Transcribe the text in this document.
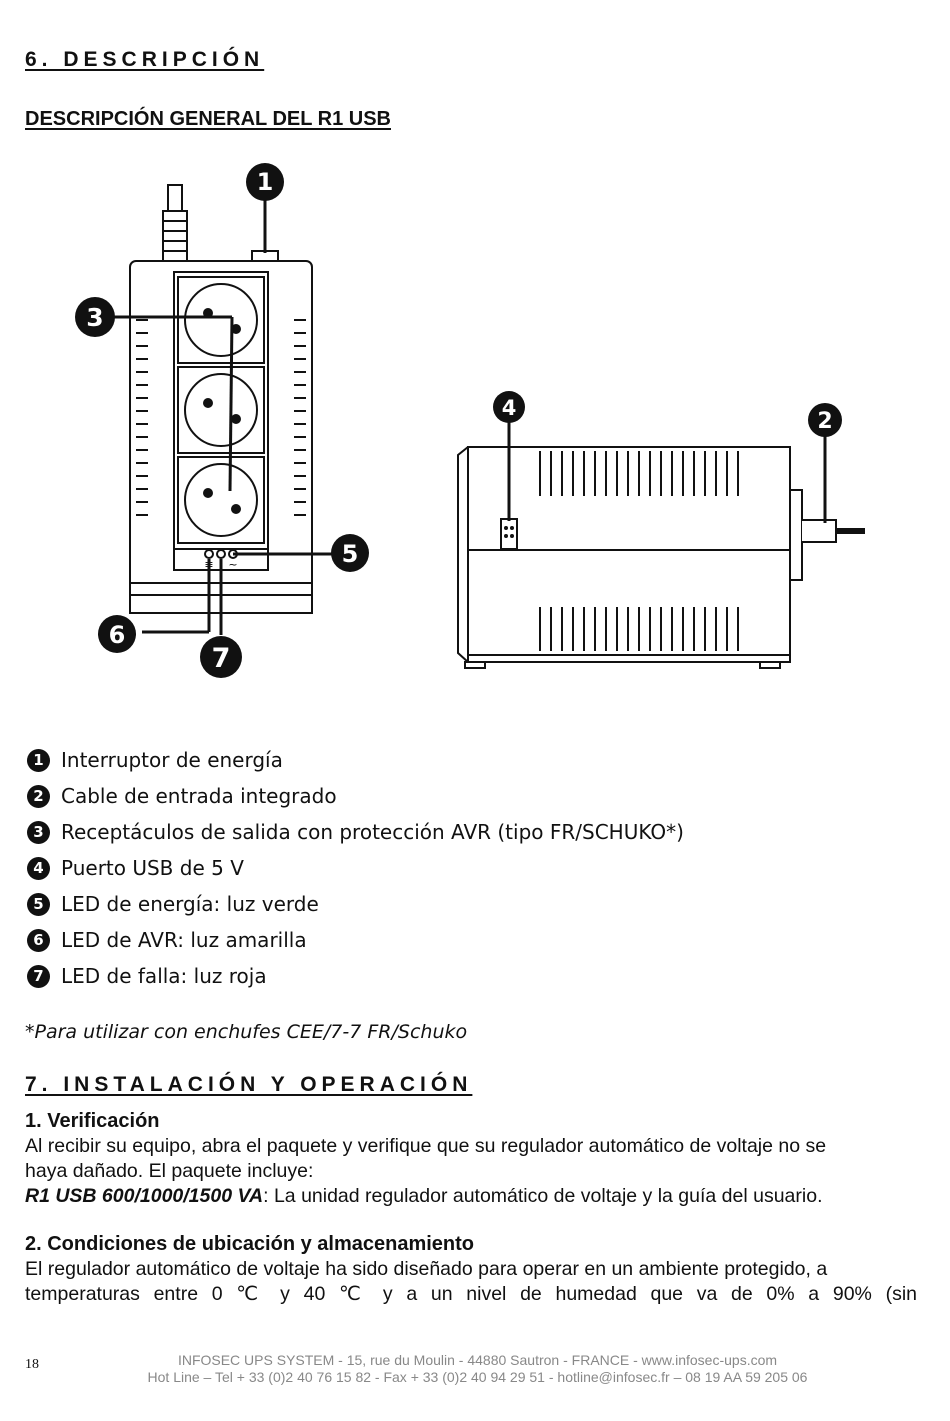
6. DESCRIPCIÓN
DESCRIPCIÓN GENERAL DEL R1 USB
≡ ~
1
2
3
4
5
6
7
1 Interruptor de energía
2 Cable de entrada integrado
3 Receptáculos de salida con protección AVR (tipo FR/SCHUKO*)
4 Puerto USB de 5 V
5 LED de energía: luz verde
6 LED de AVR: luz amarilla
7 LED de falla: luz roja
*Para utilizar con enchufes CEE/7-7 FR/Schuko
7. INSTALACIÓN Y OPERACIÓN
1. Verificación

Al recibir su equipo, abra el paquete y verifique que su regulador automático de voltaje no se

haya dañado. El paquete incluye:

R1 USB 600/1000/1500 VA: La unidad regulador automático de voltaje y la guía del usuario.

2. Condiciones de ubicación y almacenamiento

El regulador automático de voltaje ha sido diseñado para operar en un ambiente protegido, a

temperaturas entre 0 ℃ y 40 ℃ y a un nivel de humedad que va de 0% a 90% (sin

18	INFOSEC UPS SYSTEM - 15, rue du Moulin - 44880 Sautron - FRANCE - www.infosec-ups.com
Hot Line – Tel + 33 (0)2 40 76 15 82 - Fax + 33 (0)2 40 94 29 51 - hotline@infosec.fr – 08 19 AA 59 205 06
